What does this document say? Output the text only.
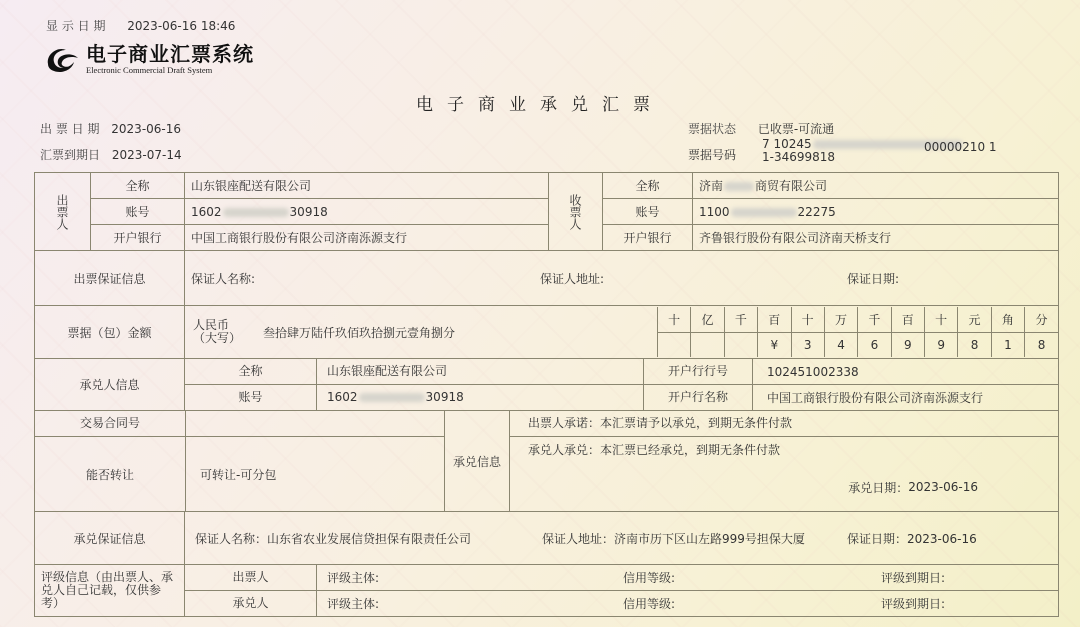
显 示 日 期 2023-06-16 18:46
电子商业汇票系统
Electronic Commercial Draft System
电子商业承兑汇票
出 票 日 期 2023-06-16
汇票到期日 2023-07-14
票据状态 已收票-可流通
票据号码
7 10245
1-34699818
00000210 1
出票人	全称	山东银座配送有限公司	收票人	全称	济南	商贸有限公司
账号	1602	30918	账号	1100	22275
开户银行	中国工商银行股份有限公司济南泺源支行	开户银行	齐鲁银行股份有限公司济南天桥支行
出票保证信息	保证人名称:	保证人地址:	保证日期:

票据（包）金额	
人民币
（大写）	叁拾肆万陆仟玖佰玖拾捌元壹角捌分
十	亿	千	百	十	万	千	百	十	元	角	分
			¥	3	4	6	9	9	8	1	8

承兑人信息	
全称	山东银座配送有限公司	开户行行号	102451002338

账号	1602	30918	开户行名称	中国工商银行股份有限公司济南泺源支行

交易合同号
能否转让	可转让-可分包
承兑信息
出票人承诺：本汇票请予以承兑，到期无条件付款
承兑人承兑：本汇票已经承兑，到期无条件付款
承兑日期： 2023-06-16

承兑保证信息	保证人名称：山东省农业发展信贷担保有限责任公司	保证人地址：济南市历下区山左路999号担保大厦	保证日期：2023-06-16

评级信息（由出票人、承兑人自己记载，仅供参考）	
出票人	评级主体:	信用等级:	评级到期日:

承兑人	评级主体:	信用等级:	评级到期日:
